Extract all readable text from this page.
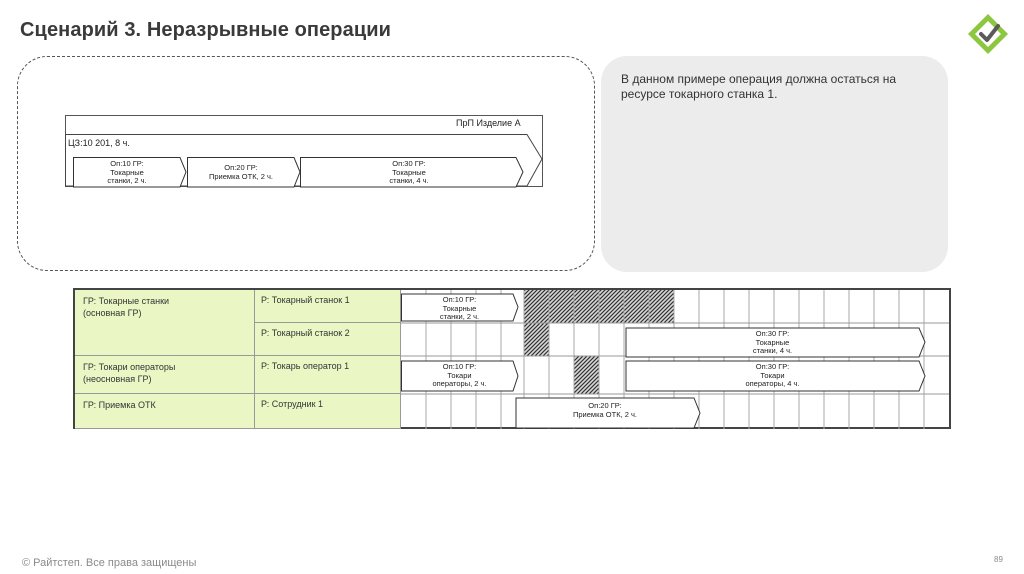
Сценарий 3. Неразрывные операции
ПрП Изделие А
ЦЗ:10 201, 8 ч.
Оп:10 ГР:
Токарные
станки, 2 ч.
Оп:20 ГР:
Приемка ОТК, 2 ч.
Оп:30 ГР:
Токарные
станки, 4 ч.
В данном примере операция должна остаться на ресурсе токарного станка 1.
ГР: Токарные станки
(основная ГР)
ГР: Токари операторы
(неосновная ГР)
ГР: Приемка ОТК
Р: Токарный станок 1
Р: Токарный станок 2
Р: Токарь оператор 1
Р: Сотрудник 1
Оп:10 ГР:
Токарные
станки, 2 ч.
Оп:30 ГР:
Токарные
станки, 4 ч.
Оп:10 ГР:
Токари
операторы, 2 ч.
Оп:30 ГР:
Токари
операторы, 4 ч.
Оп:20 ГР:
Приемка ОТК, 2 ч.
© Райтстеп. Все права защищены	89
